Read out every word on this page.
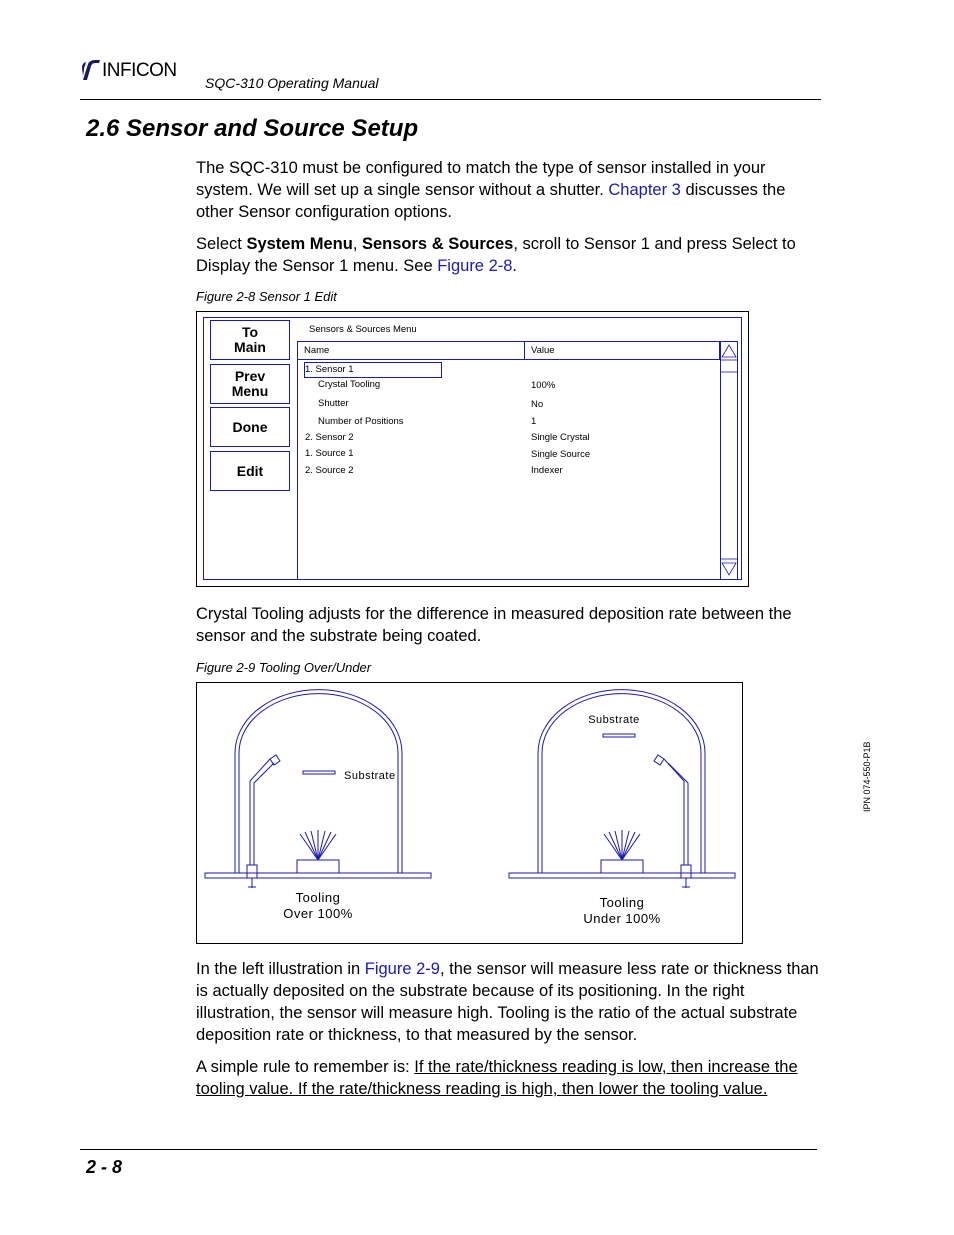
INFICON
SQC-310 Operating Manual
2.6 Sensor and Source Setup
The SQC-310 must be configured to match the type of sensor installed in your system. We will set up a single sensor without a shutter. Chapter 3 discusses the other Sensor configuration options.
Select System Menu, Sensors & Sources, scroll to Sensor 1 and press Select to Display the Sensor 1 menu. See Figure 2-8.
Figure 2-8 Sensor 1 Edit
To
Main
Prev
Menu
Done
Edit
Sensors & Sources Menu
Name	Value
1. Sensor 1
Crystal Tooling	100%
Shutter	No
Number of Positions	1
2. Sensor 2	Single Crystal
1. Source 1	Single Source
2. Source 2	Indexer
Crystal Tooling adjusts for the difference in measured deposition rate between the sensor and the substrate being coated.
Figure 2-9 Tooling Over/Under
Substrate
Tooling
Over 100%
Substrate
Tooling
Under 100%
In the left illustration in Figure 2-9, the sensor will measure less rate or thickness than is actually deposited on the substrate because of its positioning. In the right illustration, the sensor will measure high. Tooling is the ratio of the actual substrate deposition rate or thickness, to that measured by the sensor.
A simple rule to remember is: If the rate/thickness reading is low, then increase the tooling value. If the rate/thickness reading is high, then lower the tooling value.
IPN 074-550-P1B
2 - 8
